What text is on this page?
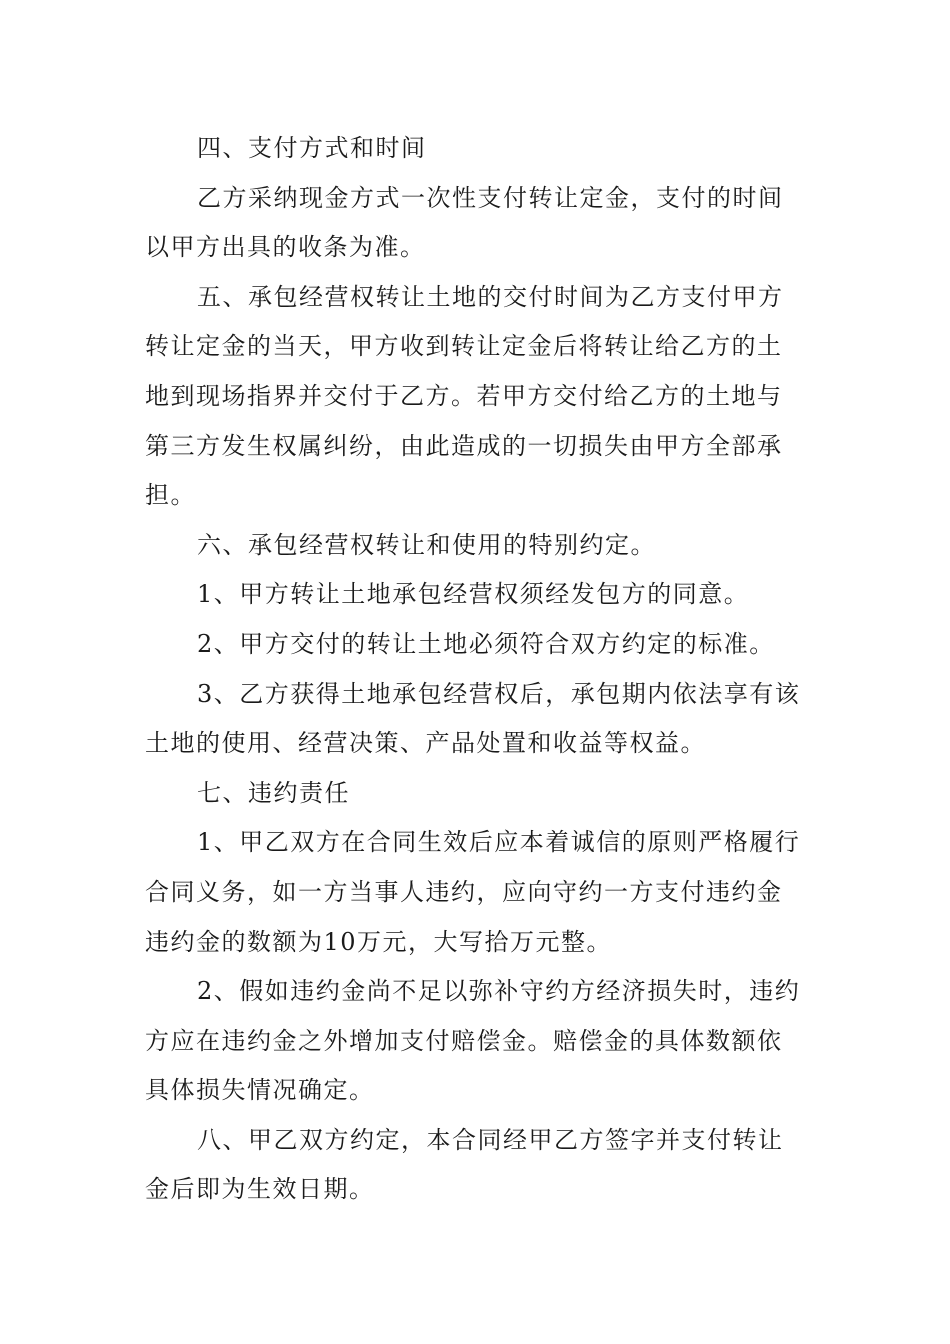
四、支付方式和时间

乙方采纳现金方式一次性支付转让定金，支付的时间
以甲方出具的收条为准。

五、承包经营权转让土地的交付时间为乙方支付甲方
转让定金的当天，甲方收到转让定金后将转让给乙方的土
地到现场指界并交付于乙方。若甲方交付给乙方的土地与
第三方发生权属纠纷，由此造成的一切损失由甲方全部承
担。

六、承包经营权转让和使用的特别约定。

1、甲方转让土地承包经营权须经发包方的同意。

2、甲方交付的转让土地必须符合双方约定的标准。

3、乙方获得土地承包经营权后，承包期内依法享有该
土地的使用、经营决策、产品处置和收益等权益。

七、违约责任

1、甲乙双方在合同生效后应本着诚信的原则严格履行
合同义务，如一方当事人违约，应向守约一方支付违约金
违约金的数额为10万元，大写拾万元整。

2、假如违约金尚不足以弥补守约方经济损失时，违约
方应在违约金之外增加支付赔偿金。赔偿金的具体数额依
具体损失情况确定。

八、甲乙双方约定，本合同经甲乙方签字并支付转让
金后即为生效日期。
